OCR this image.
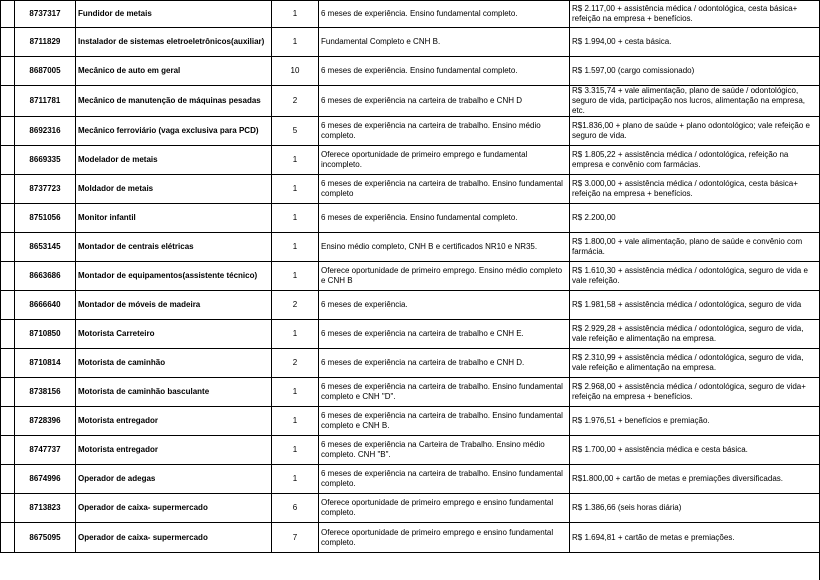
	8737317	Fundidor de metais	1	6 meses de experiência. Ensino fundamental completo.	R$ 2.117,00 + assistência médica / odontológica, cesta básica+ refeição na empresa + benefícios.
	8711829	Instalador de sistemas eletroeletrônicos(auxiliar)	1	Fundamental Completo e CNH B.	R$ 1.994,00 + cesta básica.
	8687005	Mecânico de auto em geral	10	6 meses de experiência. Ensino fundamental completo.	R$ 1.597,00 (cargo comissionado)
	8711781	Mecânico de manutenção de máquinas pesadas	2	6 meses de experiência na carteira de trabalho e CNH D	R$ 3.315,74 + vale alimentação, plano de saúde / odontológico, seguro de vida, participação nos lucros, alimentação na empresa, etc.
	8692316	Mecânico ferroviário (vaga exclusiva para PCD)	5	6 meses de experiência na carteira de trabalho. Ensino médio completo.	R$1.836,00 + plano de saúde + plano odontológico; vale refeição e seguro de vida.
	8669335	Modelador de metais	1	Oferece oportunidade de primeiro emprego e fundamental incompleto.	R$ 1.805,22 + assistência médica / odontológica, refeição na empresa e convênio com farmácias.
	8737723	Moldador de metais	1	6 meses de experiência na carteira de trabalho. Ensino fundamental completo	R$ 3.000,00 + assistência médica / odontológica, cesta básica+ refeição na empresa + benefícios.
	8751056	Monitor infantil	1	6 meses de experiência. Ensino fundamental completo.	R$ 2.200,00
	8653145	Montador de centrais elétricas	1	Ensino médio completo, CNH B e certificados NR10 e NR35.	R$ 1.800,00 + vale alimentação, plano de saúde e convênio com farmácia.
	8663686	Montador de equipamentos(assistente técnico)	1	Oferece oportunidade de primeiro emprego. Ensino médio completo e CNH B	R$ 1.610,30 + assistência médica / odontológica, seguro de vida e vale refeição.
	8666640	Montador de móveis de madeira	2	6 meses de experiência.	R$ 1.981,58 + assistência médica / odontológica, seguro de vida
	8710850	Motorista Carreteiro	1	6 meses de experiência na carteira de trabalho e CNH E.	R$ 2.929,28 + assistência médica / odontológica, seguro de vida, vale refeição e alimentação na empresa.
	8710814	Motorista de caminhão	2	6 meses de experiência na carteira de trabalho e CNH D.	R$ 2.310,99 + assistência médica / odontológica, seguro de vida, vale refeição e alimentação na empresa.
	8738156	Motorista de caminhão basculante	1	6 meses de experiência na carteira de trabalho. Ensino fundamental completo e CNH "D".	R$ 2.968,00 + assistência médica / odontológica, seguro de vida+ refeição na empresa + benefícios.
	8728396	Motorista entregador	1	6 meses de experiência na carteira de trabalho. Ensino fundamental completo e CNH B.	R$ 1.976,51 + benefícios e premiação.
	8747737	Motorista entregador	1	6 meses de experiência na Carteira de Trabalho. Ensino médio completo. CNH "B".	R$ 1.700,00 + assistência médica e cesta básica.
	8674996	Operador de adegas	1	6 meses de experiência na carteira de trabalho. Ensino fundamental completo.	R$1.800,00 + cartão de metas e premiações diversificadas.
	8713823	Operador de caixa- supermercado	6	Oferece oportunidade de primeiro emprego e ensino fundamental completo.	R$ 1.386,66 (seis horas diária)
	8675095	Operador de caixa- supermercado	7	Oferece oportunidade de primeiro emprego e ensino fundamental completo.	R$ 1.694,81 + cartão de metas e premiações.
